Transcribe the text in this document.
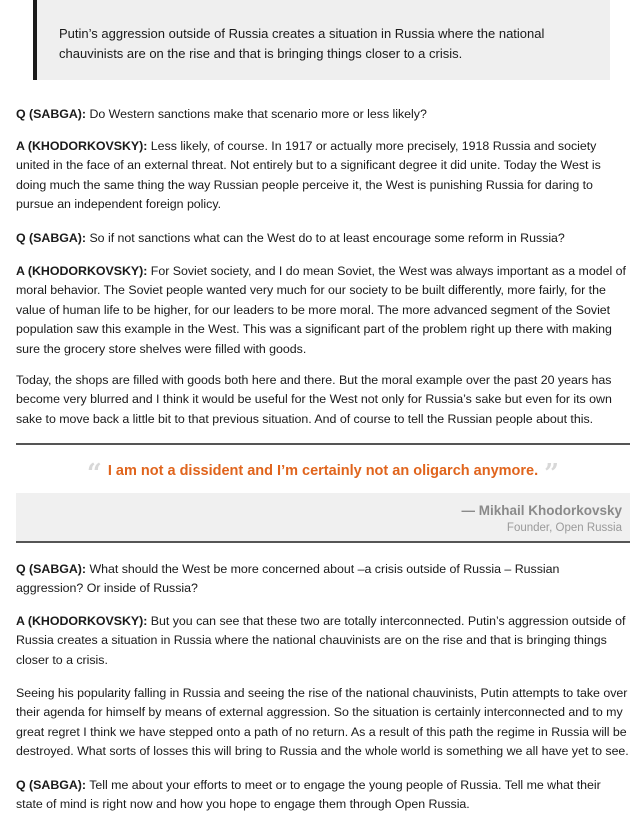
Putin’s aggression outside of Russia creates a situation in Russia where the national chauvinists are on the rise and that is bringing things closer to a crisis.

Q (SABGA): Do Western sanctions make that scenario more or less likely?

A (KHODORKOVSKY): Less likely, of course. In 1917 or actually more precisely, 1918 Russia and society united in the face of an external threat. Not entirely but to a significant degree it did unite. Today the West is doing much the same thing the way Russian people perceive it, the West is punishing Russia for daring to pursue an independent foreign policy.

Q (SABGA): So if not sanctions what can the West do to at least encourage some reform in Russia?

A (KHODORKOVSKY): For Soviet society, and I do mean Soviet, the West was always important as a model of moral behavior. The Soviet people wanted very much for our society to be built differently, more fairly, for the value of human life to be higher, for our leaders to be more moral. The more advanced segment of the Soviet population saw this example in the West. This was a significant part of the problem right up there with making sure the grocery store shelves were filled with goods.

Today, the shops are filled with goods both here and there. But the moral example over the past 20 years has become very blurred and I think it would be useful for the West not only for Russia’s sake but even for its own sake to move back a little bit to that previous situation. And of course to tell the Russian people about this.

“ I am not a dissident and I’m certainly not an oligarch anymore. ”
— Mikhail Khodorkovsky
Founder, Open Russia

Q (SABGA): What should the West be more concerned about –a crisis outside of Russia – Russian aggression? Or inside of Russia?

A (KHODORKOVSKY): But you can see that these two are totally interconnected. Putin’s aggression outside of Russia creates a situation in Russia where the national chauvinists are on the rise and that is bringing things closer to a crisis.

Seeing his popularity falling in Russia and seeing the rise of the national chauvinists, Putin attempts to take over their agenda for himself by means of external aggression. So the situation is certainly interconnected and to my great regret I think we have stepped onto a path of no return. As a result of this path the regime in Russia will be destroyed. What sorts of losses this will bring to Russia and the whole world is something we all have yet to see.

Q (SABGA): Tell me about your efforts to meet or to engage the young people of Russia. Tell me what their state of mind is right now and how you hope to engage them through Open Russia.
